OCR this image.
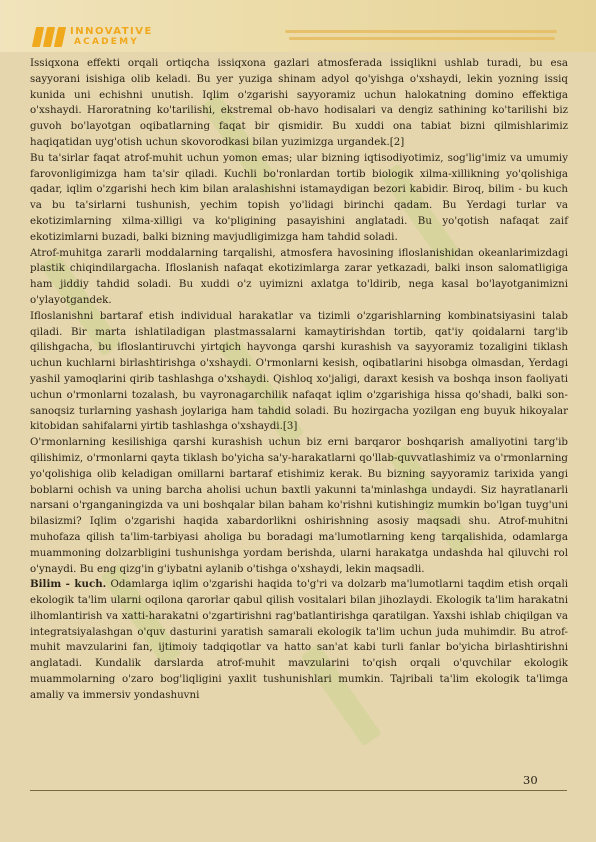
INNOVATIVE
ACADEMY

Issiqxona effekti orqali ortiqcha issiqxona gazlari atmosferada issiqlikni ushlab turadi, bu esa sayyorani isishiga olib keladi. Bu yer yuziga shinam adyol qo'yishga o'xshaydi, lekin yozning issiq kunida uni echishni unutish. Iqlim o'zgarishi sayyoramiz uchun halokatning domino effektiga o'xshaydi. Haroratning ko'tarilishi, ekstremal ob-havo hodisalari va dengiz sathining ko'tarilishi biz guvoh bo'layotgan oqibatlarning faqat bir qismidir. Bu xuddi ona tabiat bizni qilmishlarimiz haqiqatidan uyg'otish uchun skovorodkasi bilan yuzimizga urgandek.[2]

Bu ta'sirlar faqat atrof-muhit uchun yomon emas; ular bizning iqtisodiyotimiz, sog'lig'imiz va umumiy farovonligimizga ham ta'sir qiladi. Kuchli bo'ronlardan tortib biologik xilma-xillikning yo'qolishiga qadar, iqlim o'zgarishi hech kim bilan aralashishni istamaydigan bezori kabidir. Biroq, bilim - bu kuch va bu ta'sirlarni tushunish, yechim topish yo'lidagi birinchi qadam. Bu Yerdagi turlar va ekotizimlarning xilma-xilligi va ko'pligining pasayishini anglatadi. Bu yo'qotish nafaqat zaif ekotizimlarni buzadi, balki bizning mavjudligimizga ham tahdid soladi.

Atrof-muhitga zararli moddalarning tarqalishi, atmosfera havosining ifloslanishidan okeanlarimizdagi plastik chiqindilargacha. Ifloslanish nafaqat ekotizimlarga zarar yetkazadi, balki inson salomatligiga ham jiddiy tahdid soladi. Bu xuddi o'z uyimizni axlatga to'ldirib, nega kasal bo'layotganimizni o'ylayotgandek.

Ifloslanishni bartaraf etish individual harakatlar va tizimli o'zgarishlarning kombinatsiyasini talab qiladi. Bir marta ishlatiladigan plastmassalarni kamaytirishdan tortib, qat'iy qoidalarni targ'ib qilishgacha, bu ifloslantiruvchi yirtqich hayvonga qarshi kurashish va sayyoramiz tozaligini tiklash uchun kuchlarni birlashtirishga o'xshaydi. O'rmonlarni kesish, oqibatlarini hisobga olmasdan, Yerdagi yashil yamoqlarini qirib tashlashga o'xshaydi. Qishloq xo'jaligi, daraxt kesish va boshqa inson faoliyati uchun o'rmonlarni tozalash, bu vayronagarchilik nafaqat iqlim o'zgarishiga hissa qo'shadi, balki son-sanoqsiz turlarning yashash joylariga ham tahdid soladi. Bu hozirgacha yozilgan eng buyuk hikoyalar kitobidan sahifalarni yirtib tashlashga o'xshaydi.[3]

O'rmonlarning kesilishiga qarshi kurashish uchun biz erni barqaror boshqarish amaliyotini targ'ib qilishimiz, o'rmonlarni qayta tiklash bo'yicha sa'y-harakatlarni qo'llab-quvvatlashimiz va o'rmonlarning yo'qolishiga olib keladigan omillarni bartaraf etishimiz kerak. Bu bizning sayyoramiz tarixida yangi boblarni ochish va uning barcha aholisi uchun baxtli yakunni ta'minlashga undaydi. Siz hayratlanarli narsani o'rganganingizda va uni boshqalar bilan baham ko'rishni kutishingiz mumkin bo'lgan tuyg'uni bilasizmi? Iqlim o'zgarishi haqida xabardorlikni oshirishning asosiy maqsadi shu. Atrof-muhitni muhofaza qilish ta'lim-tarbiyasi aholiga bu boradagi ma'lumotlarning keng tarqalishida, odamlarga muammoning dolzarbligini tushunishga yordam berishda, ularni harakatga undashda hal qiluvchi rol o'ynaydi. Bu eng qizg'in g'iybatni aylanib o'tishga o'xshaydi, lekin maqsadli.

Bilim - kuch. Odamlarga iqlim o'zgarishi haqida to'g'ri va dolzarb ma'lumotlarni taqdim etish orqali ekologik ta'lim ularni oqilona qarorlar qabul qilish vositalari bilan jihozlaydi. Ekologik ta'lim harakatni ilhomlantirish va xatti-harakatni o'zgartirishni rag'batlantirishga qaratilgan. Yaxshi ishlab chiqilgan va integratsiyalashgan o'quv dasturini yaratish samarali ekologik ta'lim uchun juda muhimdir. Bu atrof-muhit mavzularini fan, ijtimoiy tadqiqotlar va hatto san'at kabi turli fanlar bo'yicha birlashtirishni anglatadi. Kundalik darslarda atrof-muhit mavzularini to'qish orqali o'quvchilar ekologik muammolarning o'zaro bog'liqligini yaxlit tushunishlari mumkin. Tajribali ta'lim ekologik ta'limga amaliy va immersiv yondashuvni

30
